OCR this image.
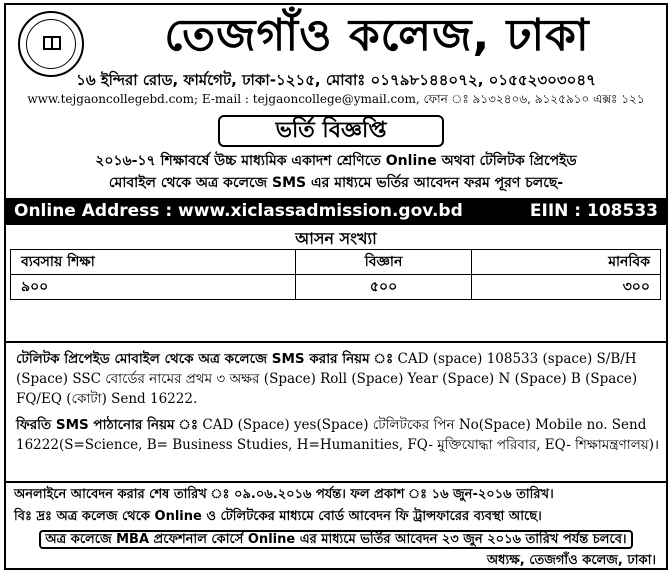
তেজগাঁও কলেজ, ঢাকা
১৬ ইন্দিরা রোড, ফার্মগেট, ঢাকা-১২১৫, মোবাঃ ০১৭৯৮১৪৪০৭২, ০১৫৫২৩০৩০৪৭
www.tejgaoncollegebd.com; E-mail : tejgaoncollege@ymail.com, ফোন ঃ ৯১৩২৪০৬, ৯১২৫৯১০ এক্সঃ ১২১
ভর্তি বিজ্ঞপ্তি
২০১৬-১৭ শিক্ষাবর্ষে উচ্চ মাধ্যমিক একাদশ শ্রেণিতে Online অথবা টেলিটক প্রিপেইড
মোবাইল থেকে অত্র কলেজে SMS এর মাধ্যমে ভর্তির আবেদন ফরম পূরণ চলছে-
Online Address : www.xiclassadmission.gov.bd	EIIN : 108533
আসন সংখ্যা
ব্যবসায় শিক্ষা	বিজ্ঞান	মানবিক
৯০০	৫০০	৩০০
টেলিটক প্রিপেইড মোবাইল থেকে অত্র কলেজে SMS করার নিয়ম ঃ CAD (space) 108533 (space) S/B/H (Space) SSC বোর্ডের নামের প্রথম ৩ অক্ষর (Space) Roll (Space) Year (Space) N (Space) B (Space) FQ/EQ (কোটা) Send 16222.
ফিরতি SMS পাঠানোর নিয়ম ঃ CAD (Space) yes(Space) টেলিটকের পিন No(Space) Mobile no. Send 16222(S=Science, B= Business Studies, H=Humanities, FQ- মুক্তিযোদ্ধা পরিবার, EQ- শিক্ষামন্ত্রণালয়)।
অনলাইনে আবেদন করার শেষ তারিখ ঃ ০৯.০৬.২০১৬ পর্যন্ত। ফল প্রকাশ ঃ ১৬ জুন-২০১৬ তারিখ।
বিঃ দ্রঃ অত্র কলেজ থেকে Online ও টেলিটকের মাধ্যমে বোর্ড আবেদন ফি ট্রান্সফারের ব্যবস্থা আছে।
অত্র কলেজে MBA প্রফেশনাল কোর্সে Online এর মাধ্যমে ভর্তির আবেদন ২৩ জুন ২০১৬ তারিখ পর্যন্ত চলবে।
অধ্যক্ষ, তেজগাঁও কলেজ, ঢাকা।
